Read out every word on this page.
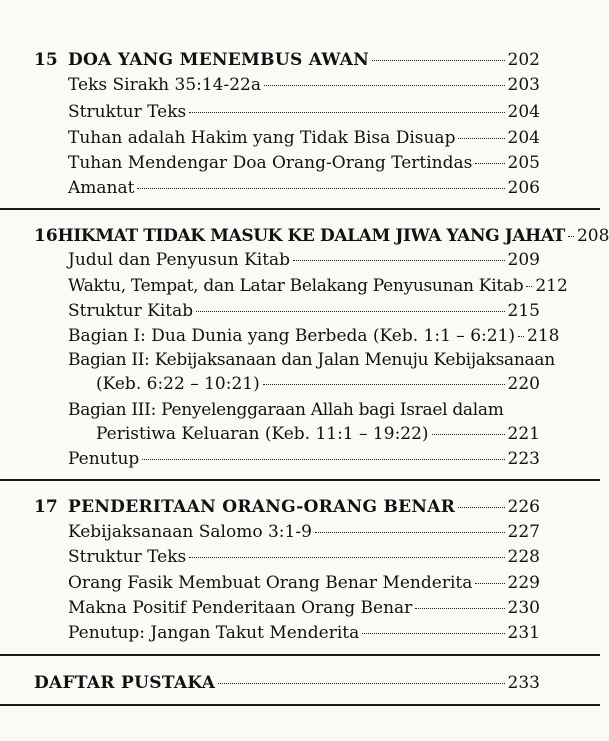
15 DOA YANG MENEMBUS AWAN	202
Teks Sirakh 35:14-22a	203
Struktur Teks	204
Tuhan adalah Hakim yang Tidak Bisa Disuap	204
Tuhan Mendengar Doa Orang-Orang Tertindas 205
Amanat	206
16 HIKMAT TIDAK MASUK KE DALAM JIWA YANG JAHAT 208
Judul dan Penyusun Kitab	209
Waktu, Tempat, dan Latar Belakang Penyusunan Kitab 212
Struktur Kitab	215
Bagian I: Dua Dunia yang Berbeda (Keb. 1:1 – 6:21) 218
Bagian II: Kebijaksanaan dan Jalan Menuju Kebijaksanaan
(Keb. 6:22 – 10:21)	220
Bagian III: Penyelenggaraan Allah bagi Israel dalam
Peristiwa Keluaran (Keb. 11:1 – 19:22)	221
Penutup	223
17 PENDERITAAN ORANG-ORANG BENAR	226
Kebijaksanaan Salomo 3:1-9	227
Struktur Teks	228
Orang Fasik Membuat Orang Benar Menderita 229
Makna Positif Penderitaan Orang Benar	230
Penutup: Jangan Takut Menderita	231
DAFTAR PUSTAKA	233
